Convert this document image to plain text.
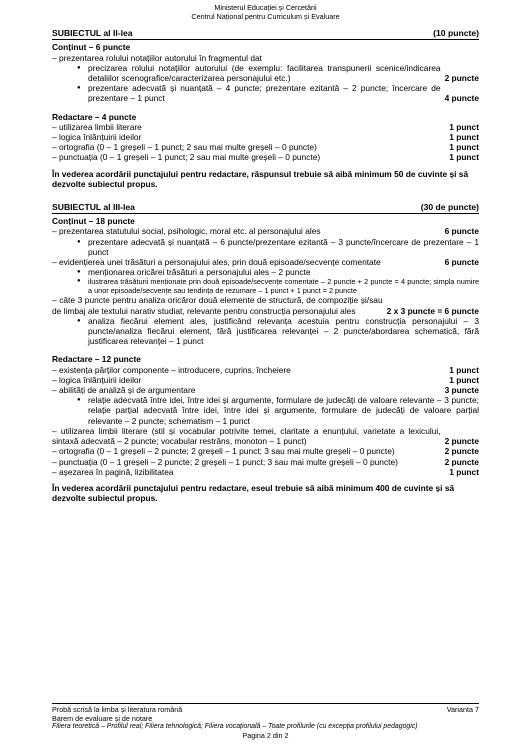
Ministerul Educației și Cercetării
Centrul Național pentru Curriculum și Evaluare
SUBIECTUL al II-lea	(10 puncte)
Conținut – 6 puncte
– prezentarea rolului notațiilor autorului în fragmentul dat
● precizarea rolului notațiilor autorului (de exemplu: facilitarea transpunerii scenice/indicarea detaliilor scenografice/caracterizarea personajului etc.)	2 puncte
● prezentare adecvată și nuanțată – 4 puncte; prezentare ezitantă – 2 puncte; încercare de prezentare – 1 punct	4 puncte
Redactare – 4 puncte
– utilizarea limbii literare	1 punct
– logica înlănțuirii ideilor	1 punct
– ortografia (0 – 1 greșeli – 1 punct; 2 sau mai multe greșeli – 0 puncte)	1 punct
– punctuația (0 – 1 greșeli – 1 punct; 2 sau mai multe greșeli – 0 puncte)	1 punct
În vederea acordării punctajului pentru redactare, răspunsul trebuie să aibă minimum 50 de cuvinte și să dezvolte subiectul propus.
SUBIECTUL al III-lea	(30 de puncte)
Conținut – 18 puncte
– prezentarea statutului social, psihologic, moral etc. al personajului ales	6 puncte
● prezentare adecvată și nuanțată – 6 puncte/prezentare ezitantă – 3 puncte/încercare de prezentare – 1 punct
– evidențierea unei trăsături a personajului ales, prin două episoade/secvențe comentate	6 puncte
● menționarea oricărei trăsături a personajului ales – 2 puncte
● ilustrarea trăsăturii menționate prin două episoade/secvențe comentate – 2 puncte + 2 puncte = 4 puncte; simpla numire a unor episoade/secvențe sau tendința de rezumare – 1 punct + 1 punct = 2 puncte
– câte 3 puncte pentru analiza oricăror două elemente de structură, de compoziție și/sau de limbaj ale textului narativ studiat, relevante pentru construcția personajului ales	2 x 3 puncte = 6 puncte
● analiza fiecărui element ales, justificând relevanța acestuia pentru construcția personajului – 3 puncte/analiza fiecărui element, fără justificarea relevanței – 2 puncte/abordarea schematică, fără justificarea relevanței – 1 punct
Redactare – 12 puncte
– existența părților componente – introducere, cuprins, încheiere	1 punct
– logica înlănțuirii ideilor	1 punct
– abilități de analiză și de argumentare	3 puncte
● relație adecvată între idei, între idei și argumente, formulare de judecăți de valoare relevante – 3 puncte; relație parțial adecvată între idei, între idei și argumente, formulare de judecăți de valoare parțial relevante – 2 puncte; schematism – 1 punct
– utilizarea limbii literare (stil și vocabular potrivite temei, claritate a enunțului, varietate a lexicului, sintaxă adecvată – 2 puncte; vocabular restrâns, monoton – 1 punct)	2 puncte
– ortografia (0 – 1 greșeli – 2 puncte; 2 greșeli – 1 punct; 3 sau mai multe greșeli – 0 puncte)	2 puncte
– punctuația (0 – 1 greșeli – 2 puncte; 2 greșeli – 1 punct; 3 sau mai multe greșeli – 0 puncte)	2 puncte
– așezarea în pagină, lizibilitatea	1 punct
În vederea acordării punctajului pentru redactare, eseul trebuie să aibă minimum 400 de cuvinte și să dezvolte subiectul propus.
Probă scrisă la limba și literatura română	Varianta 7
Barem de evaluare și de notare
Filiera teoretică – Profilul real; Filiera tehnologică; Filiera vocațională – Toate profilurile (cu excepția profilului pedagogic)
Pagina 2 din 2
